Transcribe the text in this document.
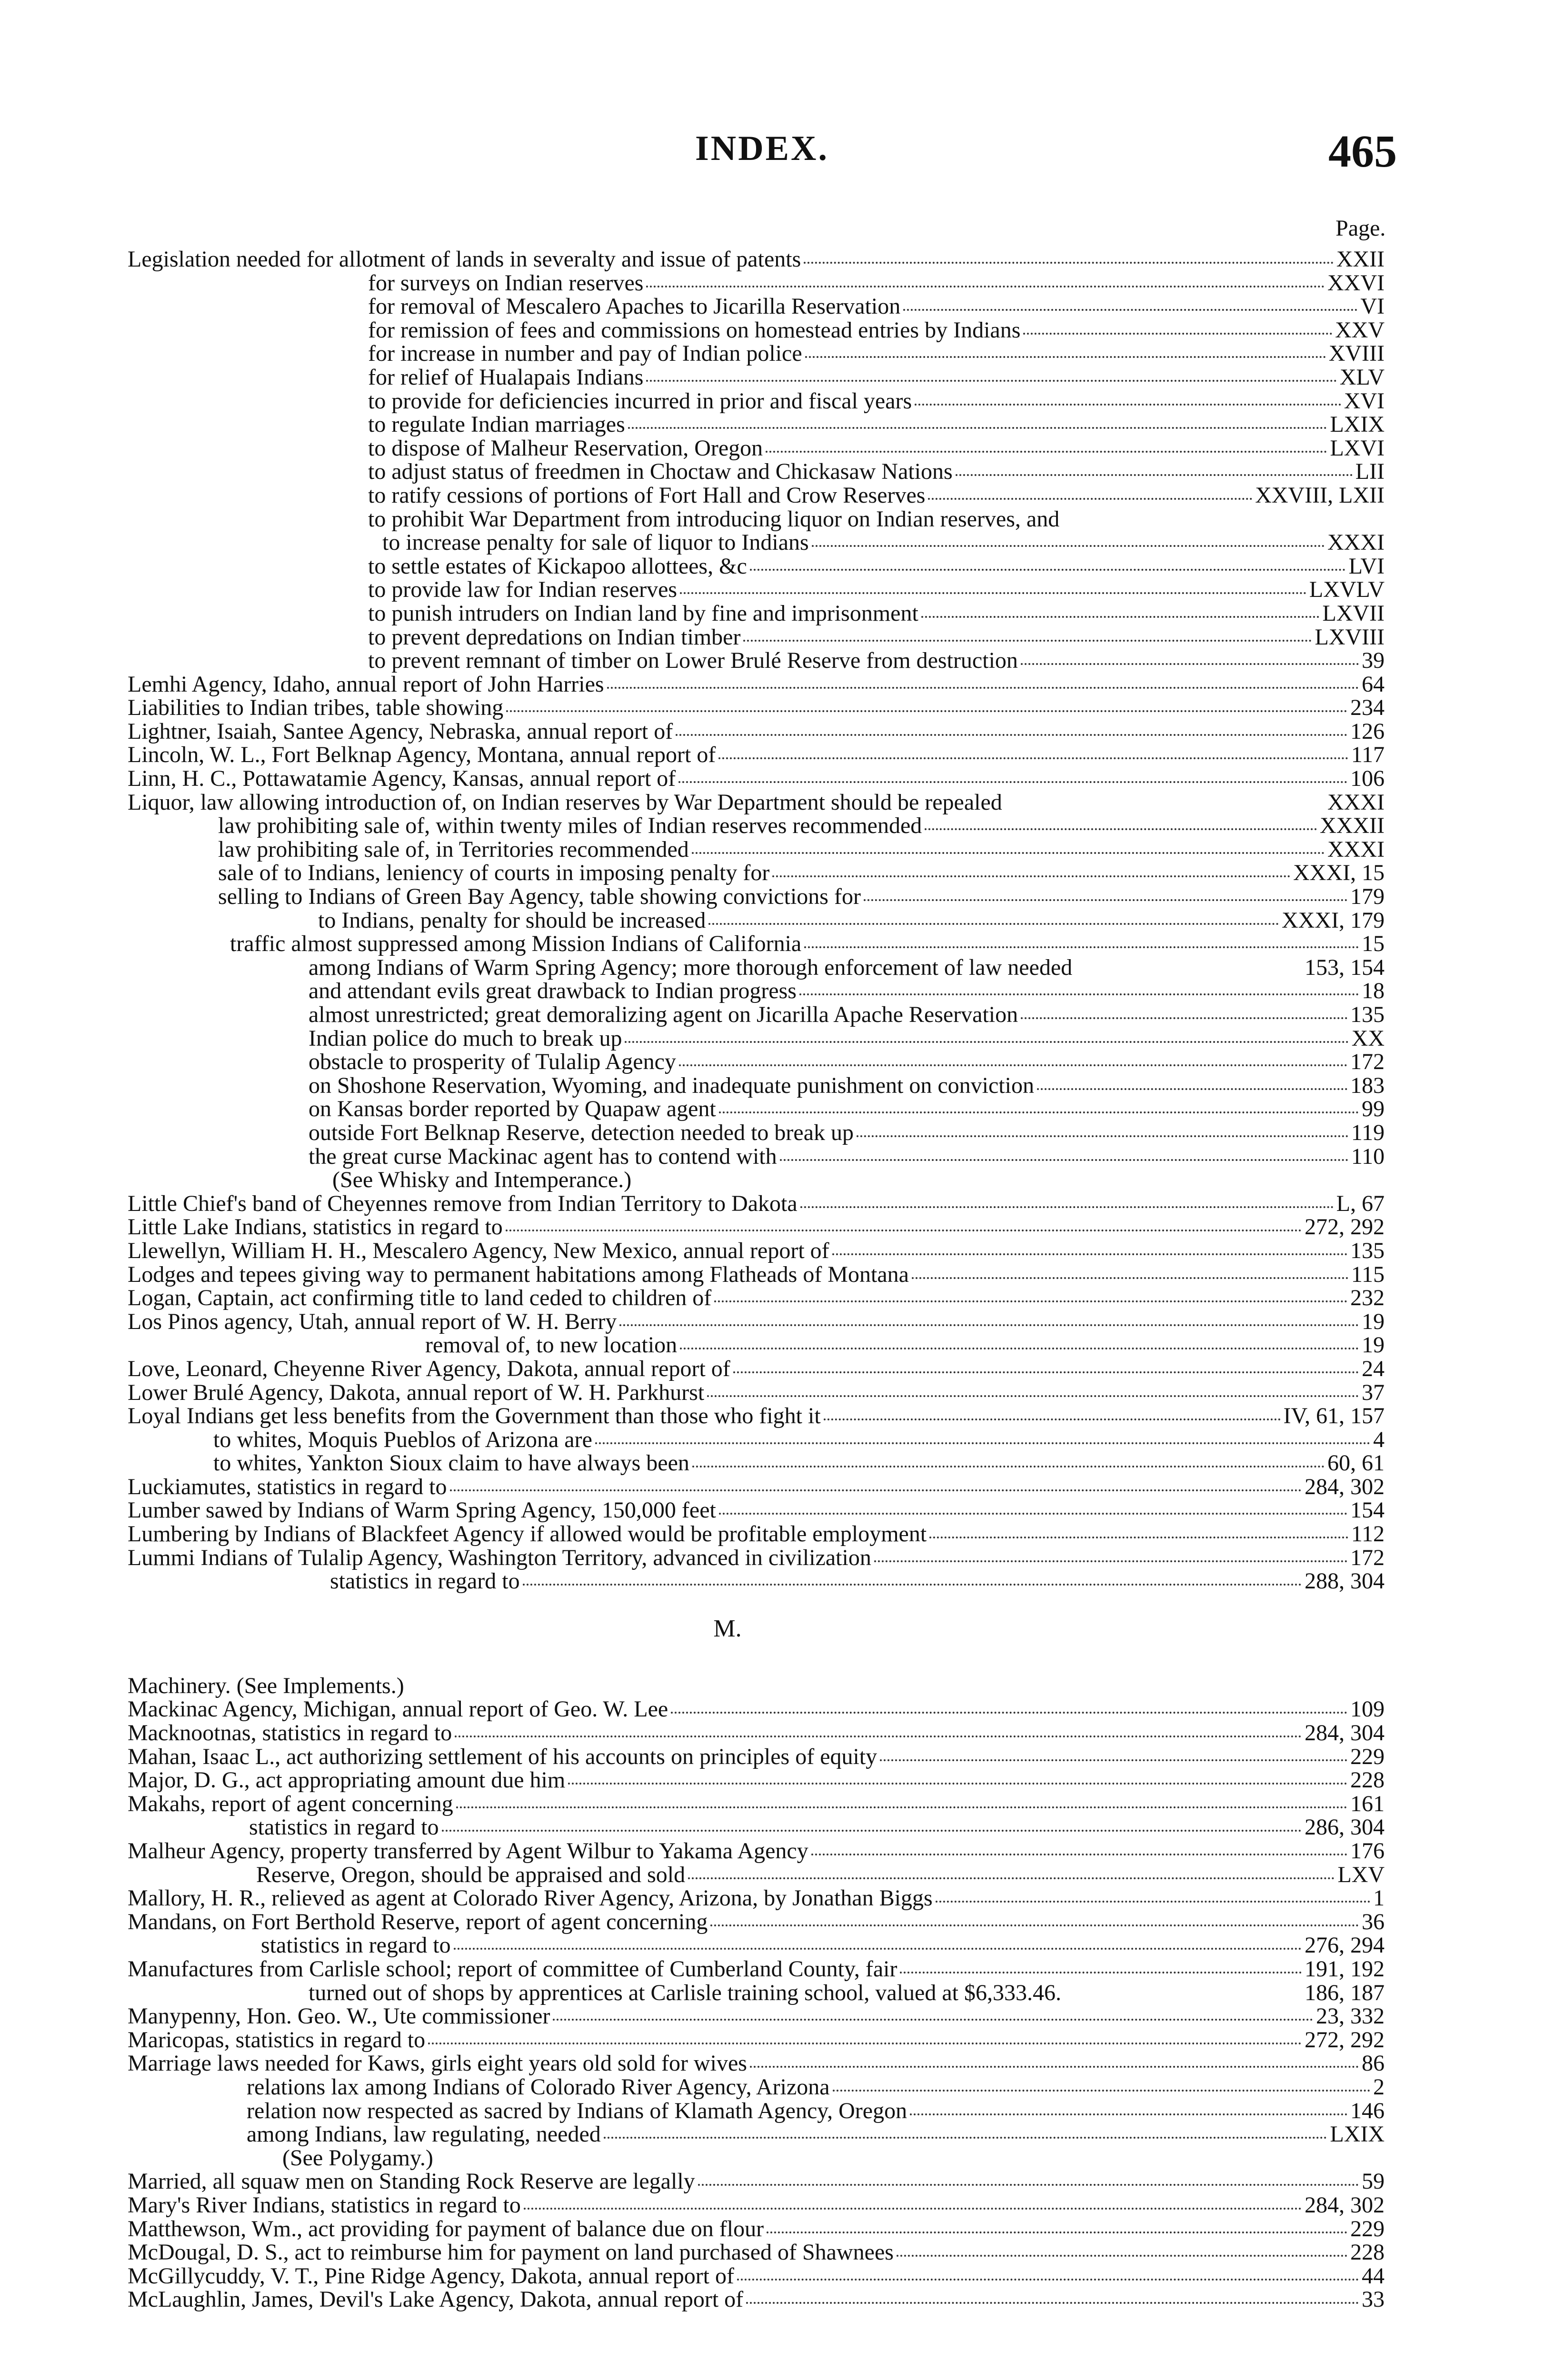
INDEX.	465
Page.
Legislation needed for allotment of lands in severalty and issue of patents	XXII
for surveys on Indian reserves	XXVI
for removal of Mescalero Apaches to Jicarilla Reservation	VI
for remission of fees and commissions on homestead entries by Indians	XXV
for increase in number and pay of Indian police	XVIII
for relief of Hualapais Indians	XLV
to provide for deficiencies incurred in prior and fiscal years	XVI
to regulate Indian marriages	LXIX
to dispose of Malheur Reservation, Oregon	LXVI
to adjust status of freedmen in Choctaw and Chickasaw Nations	LII
to ratify cessions of portions of Fort Hall and Crow Reserves	XXVIII, LXII
to prohibit War Department from introducing liquor on Indian reserves, and
to increase penalty for sale of liquor to Indians	XXXI
to settle estates of Kickapoo allottees, &c	LVI
to provide law for Indian reserves	LXVLV
to punish intruders on Indian land by fine and imprisonment	LXVII
to prevent depredations on Indian timber	LXVIII
to prevent remnant of timber on Lower Brulé Reserve from destruction	39
Lemhi Agency, Idaho, annual report of John Harries	64
Liabilities to Indian tribes, table showing	234
Lightner, Isaiah, Santee Agency, Nebraska, annual report of	126
Lincoln, W. L., Fort Belknap Agency, Montana, annual report of	117
Linn, H. C., Pottawatamie Agency, Kansas, annual report of	106
Liquor, law allowing introduction of, on Indian reserves by War Department should be repealed	XXXI
law prohibiting sale of, within twenty miles of Indian reserves recommended	XXXII
law prohibiting sale of, in Territories recommended	XXXI
sale of to Indians, leniency of courts in imposing penalty for	XXXI, 15
selling to Indians of Green Bay Agency, table showing convictions for	179
to Indians, penalty for should be increased	XXXI, 179
traffic almost suppressed among Mission Indians of California	15
among Indians of Warm Spring Agency; more thorough enforcement of law needed	153, 154
and attendant evils great drawback to Indian progress	18
almost unrestricted; great demoralizing agent on Jicarilla Apache Reservation	135
Indian police do much to break up	XX
obstacle to prosperity of Tulalip Agency	172
on Shoshone Reservation, Wyoming, and inadequate punishment on conviction	183
on Kansas border reported by Quapaw agent	99
outside Fort Belknap Reserve, detection needed to break up	119
the great curse Mackinac agent has to contend with	110
(See Whisky and Intemperance.)
Little Chief's band of Cheyennes remove from Indian Territory to Dakota	L, 67
Little Lake Indians, statistics in regard to	272, 292
Llewellyn, William H. H., Mescalero Agency, New Mexico, annual report of	135
Lodges and tepees giving way to permanent habitations among Flatheads of Montana	115
Logan, Captain, act confirming title to land ceded to children of	232
Los Pinos agency, Utah, annual report of W. H. Berry	19
removal of, to new location	19
Love, Leonard, Cheyenne River Agency, Dakota, annual report of	24
Lower Brulé Agency, Dakota, annual report of W. H. Parkhurst	37
Loyal Indians get less benefits from the Government than those who fight it	IV, 61, 157
to whites, Moquis Pueblos of Arizona are	4
to whites, Yankton Sioux claim to have always been	60, 61
Luckiamutes, statistics in regard to	284, 302
Lumber sawed by Indians of Warm Spring Agency, 150,000 feet	154
Lumbering by Indians of Blackfeet Agency if allowed would be profitable employment	112
Lummi Indians of Tulalip Agency, Washington Territory, advanced in civilization	172
statistics in regard to	288, 304
M.
Machinery. (See Implements.)
Mackinac Agency, Michigan, annual report of Geo. W. Lee	109
Macknootnas, statistics in regard to	284, 304
Mahan, Isaac L., act authorizing settlement of his accounts on principles of equity	229
Major, D. G., act appropriating amount due him	228
Makahs, report of agent concerning	161
statistics in regard to	286, 304
Malheur Agency, property transferred by Agent Wilbur to Yakama Agency	176
Reserve, Oregon, should be appraised and sold	LXV
Mallory, H. R., relieved as agent at Colorado River Agency, Arizona, by Jonathan Biggs	1
Mandans, on Fort Berthold Reserve, report of agent concerning	36
statistics in regard to	276, 294
Manufactures from Carlisle school; report of committee of Cumberland County, fair	191, 192
turned out of shops by apprentices at Carlisle training school, valued at $6,333.46.	186, 187
Manypenny, Hon. Geo. W., Ute commissioner	23, 332
Maricopas, statistics in regard to	272, 292
Marriage laws needed for Kaws, girls eight years old sold for wives	86
relations lax among Indians of Colorado River Agency, Arizona	2
relation now respected as sacred by Indians of Klamath Agency, Oregon	146
among Indians, law regulating, needed	LXIX
(See Polygamy.)
Married, all squaw men on Standing Rock Reserve are legally	59
Mary's River Indians, statistics in regard to	284, 302
Matthewson, Wm., act providing for payment of balance due on flour	229
McDougal, D. S., act to reimburse him for payment on land purchased of Shawnees	228
McGillycuddy, V. T., Pine Ridge Agency, Dakota, annual report of	44
McLaughlin, James, Devil's Lake Agency, Dakota, annual report of	33
